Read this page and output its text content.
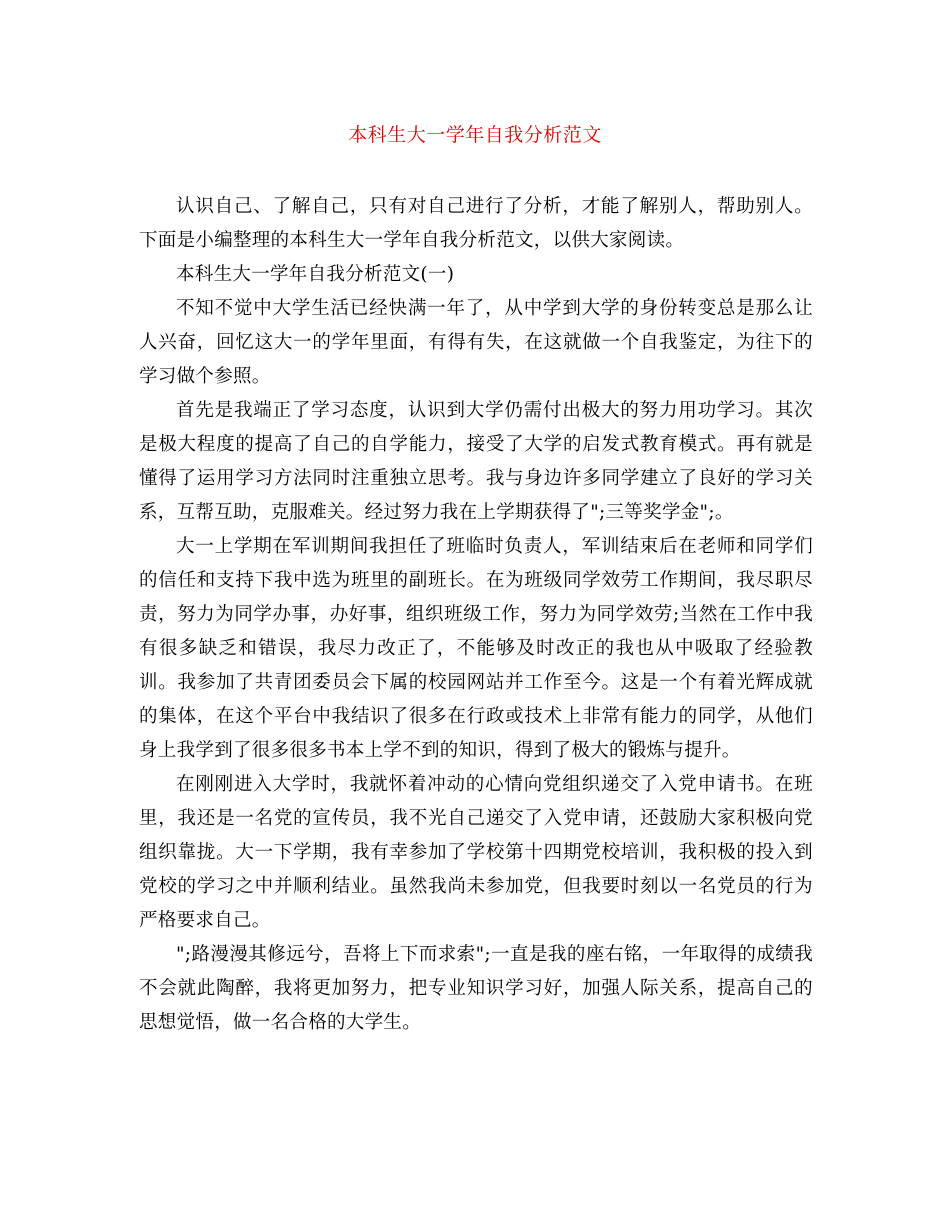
本科生大一学年自我分析范文

认识自己、了解自己，只有对自己进行了分析，才能了解别人，帮助别人。下面是小编整理的本科生大一学年自我分析范文，以供大家阅读。

本科生大一学年自我分析范文(一)

不知不觉中大学生活已经快满一年了，从中学到大学的身份转变总是那么让人兴奋，回忆这大一的学年里面，有得有失，在这就做一个自我鉴定，为往下的学习做个参照。

首先是我端正了学习态度，认识到大学仍需付出极大的努力用功学习。其次是极大程度的提高了自己的自学能力，接受了大学的启发式教育模式。再有就是懂得了运用学习方法同时注重独立思考。我与身边许多同学建立了良好的学习关系，互帮互助，克服难关。经过努力我在上学期获得了";三等奖学金";。

大一上学期在军训期间我担任了班临时负责人，军训结束后在老师和同学们的信任和支持下我中选为班里的副班长。在为班级同学效劳工作期间，我尽职尽责，努力为同学办事，办好事，组织班级工作，努力为同学效劳;当然在工作中我有很多缺乏和错误，我尽力改正了，不能够及时改正的我也从中吸取了经验教训。我参加了共青团委员会下属的校园网站并工作至今。这是一个有着光辉成就的集体，在这个平台中我结识了很多在行政或技术上非常有能力的同学，从他们身上我学到了很多很多书本上学不到的知识，得到了极大的锻炼与提升。

在刚刚进入大学时，我就怀着冲动的心情向党组织递交了入党申请书。在班里，我还是一名党的宣传员，我不光自己递交了入党申请，还鼓励大家积极向党组织靠拢。大一下学期，我有幸参加了学校第十四期党校培训，我积极的投入到党校的学习之中并顺利结业。虽然我尚未参加党，但我要时刻以一名党员的行为严格要求自己。

";路漫漫其修远兮，吾将上下而求索";一直是我的座右铭，一年取得的成绩我不会就此陶醉，我将更加努力，把专业知识学习好，加强人际关系，提高自己的思想觉悟，做一名合格的大学生。
